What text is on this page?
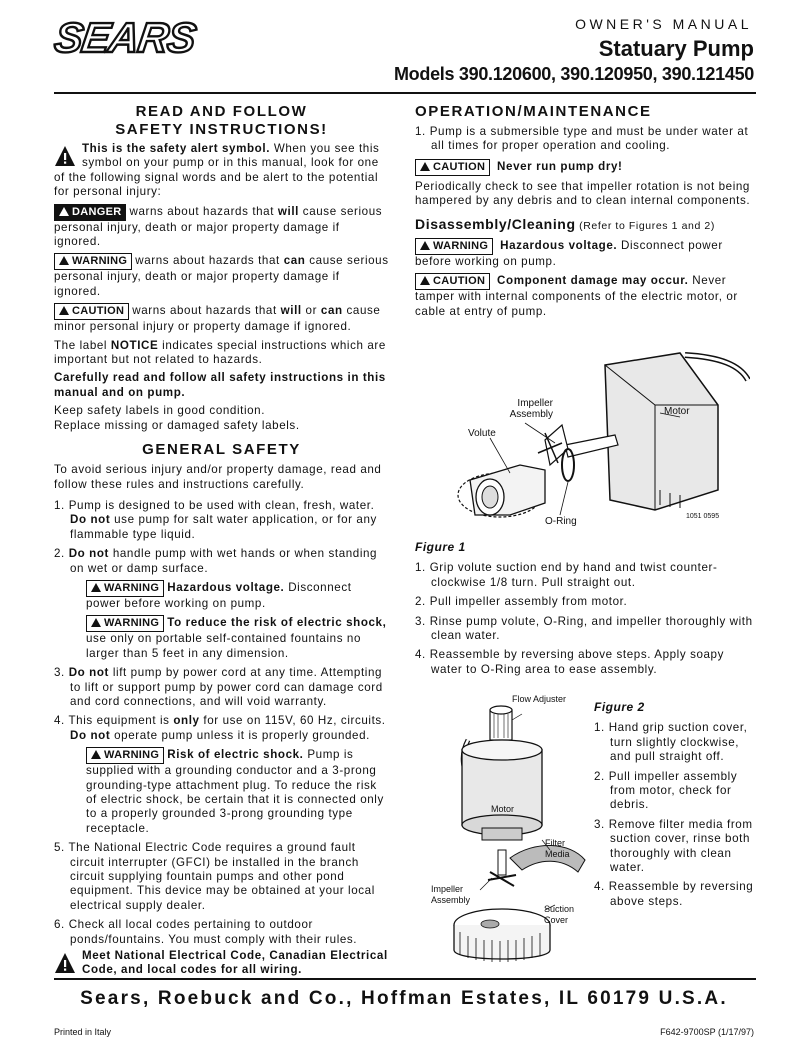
SEARS	OWNER'S MANUAL
Statuary Pump
Models 390.120600, 390.120950, 390.121450
READ AND FOLLOW
SAFETY INSTRUCTIONS!

This is the safety alert symbol. When you see this symbol on your pump or in this manual, look for one of the following signal words and be alert to the potential for personal injury:

DANGER warns about hazards that will cause serious personal injury, death or major property damage if ignored.

WARNING warns about hazards that can cause serious personal injury, death or major property damage if ignored.

CAUTION warns about hazards that will or can cause minor personal injury or property damage if ignored.

The label NOTICE indicates special instructions which are important but not related to hazards.

Carefully read and follow all safety instructions in this manual and on pump.

Keep safety labels in good condition.

Replace missing or damaged safety labels.

GENERAL SAFETY

To avoid serious injury and/or property damage, read and follow these rules and instructions carefully.

1. Pump is designed to be used with clean, fresh, water. Do not use pump for salt water application, or for any flammable type liquid.
2. Do not handle pump with wet hands or when standing on wet or damp surface.
WARNING Hazardous voltage. Disconnect power before working on pump.
WARNING To reduce the risk of electric shock, use only on portable self-contained fountains no larger than 5 feet in any dimension.
3. Do not lift pump by power cord at any time. Attempting to lift or support pump by power cord can damage cord and cord connections, and will void warranty.
4. This equipment is only for use on 115V, 60 Hz, circuits. Do not operate pump unless it is properly grounded.
WARNING Risk of electric shock. Pump is supplied with a grounding conductor and a 3-prong grounding-type attachment plug. To reduce the risk of electric shock, be certain that it is connected only to a properly grounded 3-prong grounding type receptacle.
5. The National Electric Code requires a ground fault circuit interrupter (GFCI) be installed in the branch circuit supplying fountain pumps and other pond equipment. This device may be obtained at your local electrical supply dealer.
6. Check all local codes pertaining to outdoor ponds/fountains. You must comply with their rules.

Meet National Electrical Code, Canadian Electrical Code, and local codes for all wiring.

OPERATION/MAINTENANCE
1. Pump is a submersible type and must be under water at all times for proper operation and cooling.

CAUTION Never run pump dry!

Periodically check to see that impeller rotation is not being hampered by any debris and to clean internal components.

Disassembly/Cleaning (Refer to Figures 1 and 2)

WARNING Hazardous voltage. Disconnect power before working on pump.

CAUTION Component damage may occur. Never tamper with internal components of the electric motor, or cable at entry of pump.

Impeller Assembly
Volute
Motor
O-Ring	1051 0595

Figure 1

1. Grip volute suction end by hand and twist counter-clockwise 1/8 turn. Pull straight out.
2. Pull impeller assembly from motor.
3. Rinse pump volute, O-Ring, and impeller thoroughly with clean water.
4. Reassemble by reversing above steps. Apply soapy water to O-Ring area to ease assembly.
Flow Adjuster
Motor
Filter Media
Impeller Assembly
Suction Cover

Figure 2

1. Hand grip suction cover, turn slightly clockwise, and pull straight off.
2. Pull impeller assembly from motor, check for debris.
3. Remove filter media from suction cover, rinse both thoroughly with clean water.
4. Reassemble by reversing above steps.
Sears, Roebuck and Co., Hoffman Estates, IL 60179 U.S.A.
Printed in Italy	F642-9700SP (1/17/97)
